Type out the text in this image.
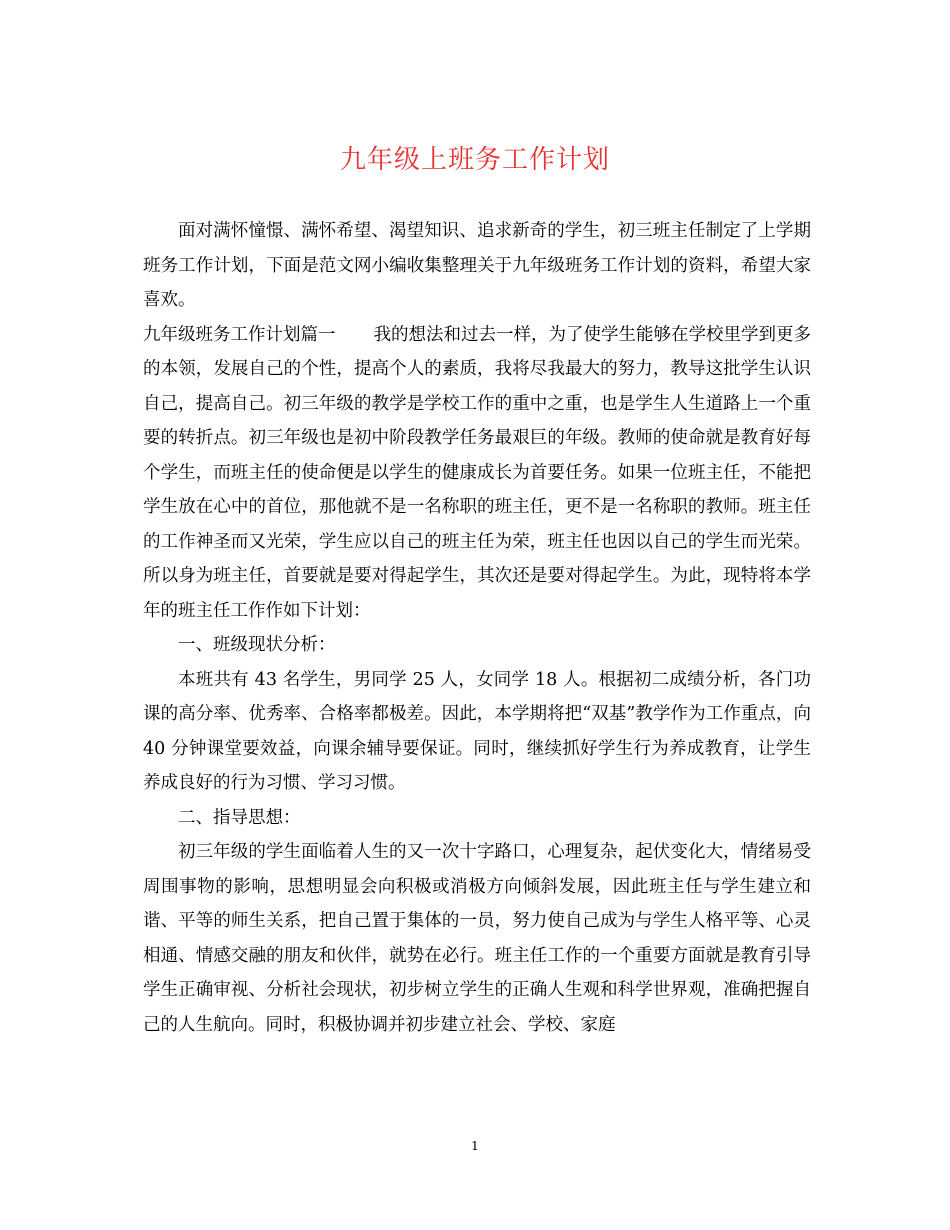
九年级上班务工作计划

面对满怀憧憬、满怀希望、渴望知识、追求新奇的学生，初三班主任制定了上学期班务工作计划，下面是范文网小编收集整理关于九年级班务工作计划的资料，希望大家喜欢。

九年级班务工作计划篇一 我的想法和过去一样，为了使学生能够在学校里学到更多的本领，发展自己的个性，提高个人的素质，我将尽我最大的努力，教导这批学生认识自己，提高自己。初三年级的教学是学校工作的重中之重，也是学生人生道路上一个重要的转折点。初三年级也是初中阶段教学任务最艰巨的年级。教师的使命就是教育好每个学生，而班主任的使命便是以学生的健康成长为首要任务。如果一位班主任，不能把学生放在心中的首位，那他就不是一名称职的班主任，更不是一名称职的教师。班主任的工作神圣而又光荣，学生应以自己的班主任为荣，班主任也因以自己的学生而光荣。所以身为班主任，首要就是要对得起学生，其次还是要对得起学生。为此，现特将本学年的班主任工作作如下计划：

一、班级现状分析：

本班共有 43 名学生，男同学 25 人，女同学 18 人。根据初二成绩分析，各门功课的高分率、优秀率、合格率都极差。因此，本学期将把“双基”教学作为工作重点，向 40 分钟课堂要效益，向课余辅导要保证。同时，继续抓好学生行为养成教育，让学生养成良好的行为习惯、学习习惯。

二、指导思想：

初三年级的学生面临着人生的又一次十字路口，心理复杂，起伏变化大，情绪易受周围事物的影响，思想明显会向积极或消极方向倾斜发展，因此班主任与学生建立和谐、平等的师生关系，把自己置于集体的一员，努力使自己成为与学生人格平等、心灵相通、情感交融的朋友和伙伴，就势在必行。班主任工作的一个重要方面就是教育引导学生正确审视、分析社会现状，初步树立学生的正确人生观和科学世界观，准确把握自己的人生航向。同时，积极协调并初步建立社会、学校、家庭

1
